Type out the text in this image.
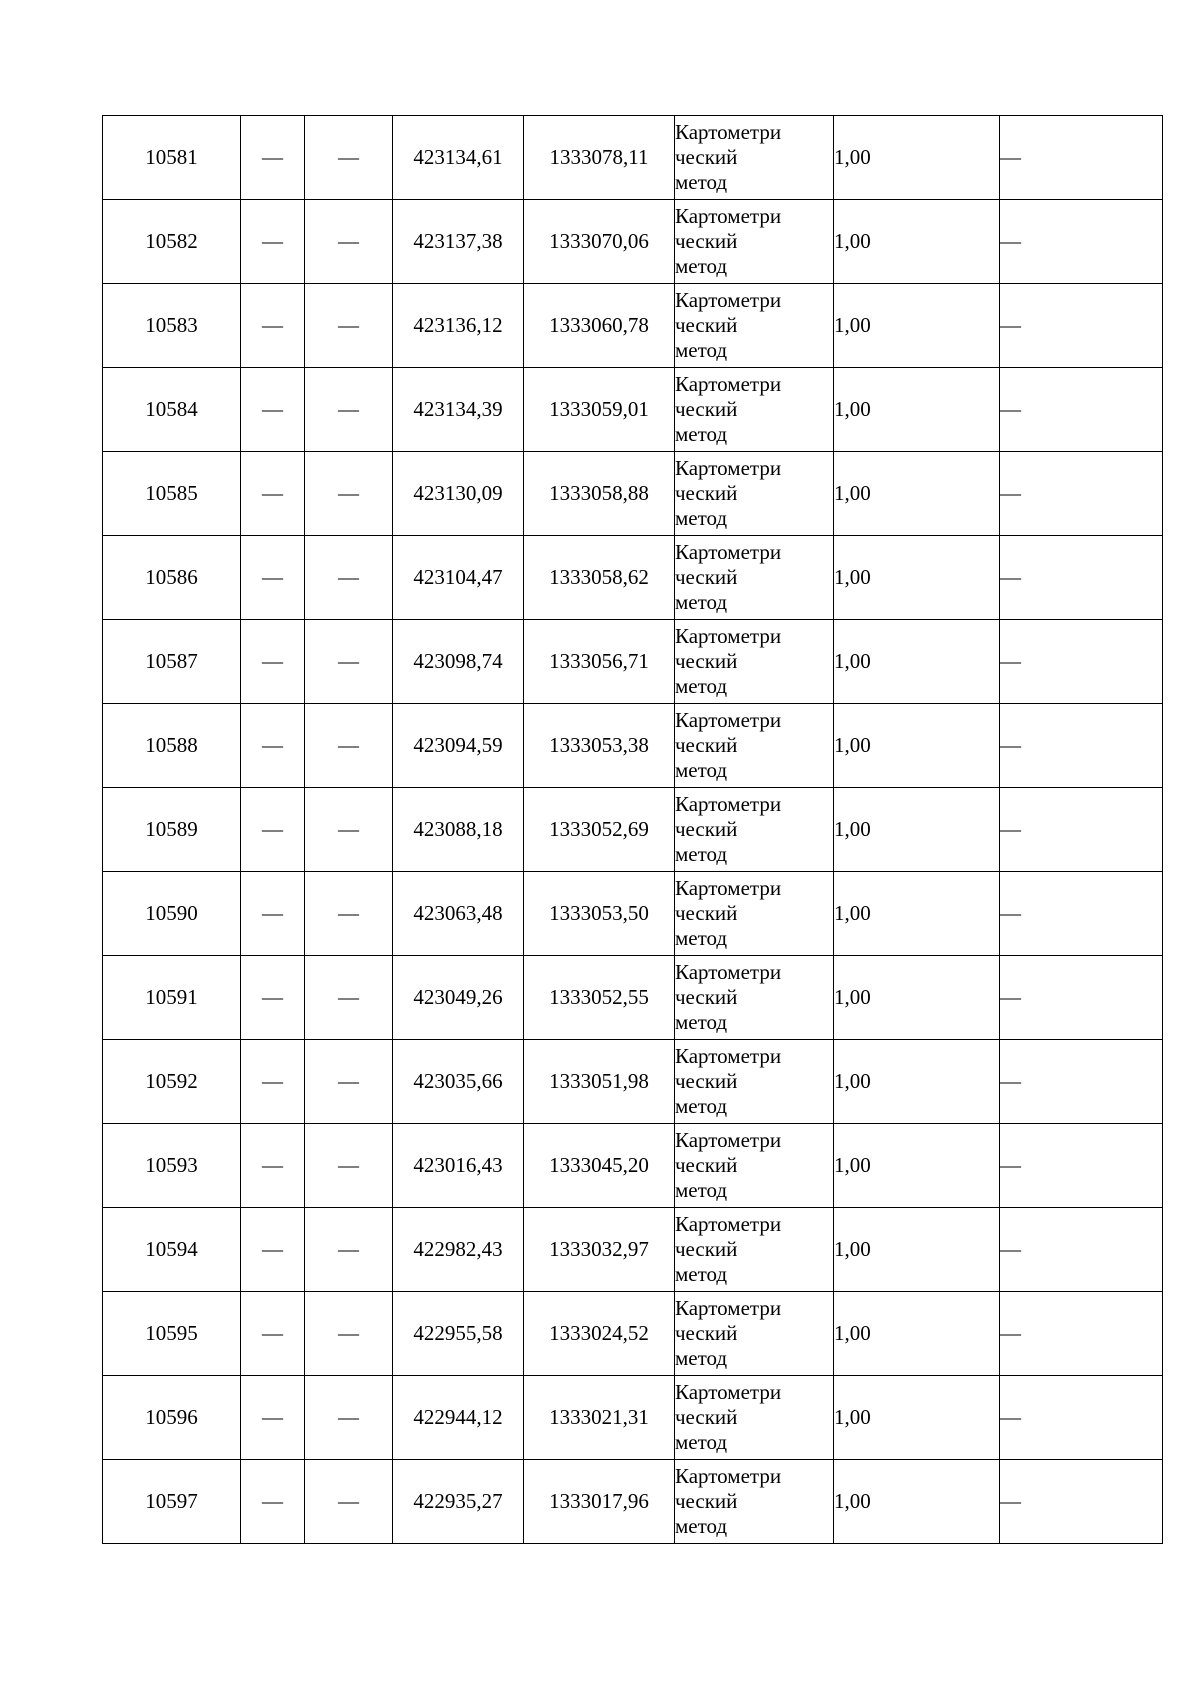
10581	—	—	423134,61	1333078,11	Картометри
ческий
метод	1,00	—
10582	—	—	423137,38	1333070,06	Картометри
ческий
метод	1,00	—
10583	—	—	423136,12	1333060,78	Картометри
ческий
метод	1,00	—
10584	—	—	423134,39	1333059,01	Картометри
ческий
метод	1,00	—
10585	—	—	423130,09	1333058,88	Картометри
ческий
метод	1,00	—
10586	—	—	423104,47	1333058,62	Картометри
ческий
метод	1,00	—
10587	—	—	423098,74	1333056,71	Картометри
ческий
метод	1,00	—
10588	—	—	423094,59	1333053,38	Картометри
ческий
метод	1,00	—
10589	—	—	423088,18	1333052,69	Картометри
ческий
метод	1,00	—
10590	—	—	423063,48	1333053,50	Картометри
ческий
метод	1,00	—
10591	—	—	423049,26	1333052,55	Картометри
ческий
метод	1,00	—
10592	—	—	423035,66	1333051,98	Картометри
ческий
метод	1,00	—
10593	—	—	423016,43	1333045,20	Картометри
ческий
метод	1,00	—
10594	—	—	422982,43	1333032,97	Картометри
ческий
метод	1,00	—
10595	—	—	422955,58	1333024,52	Картометри
ческий
метод	1,00	—
10596	—	—	422944,12	1333021,31	Картометри
ческий
метод	1,00	—
10597	—	—	422935,27	1333017,96	Картометри
ческий
метод	1,00	—
